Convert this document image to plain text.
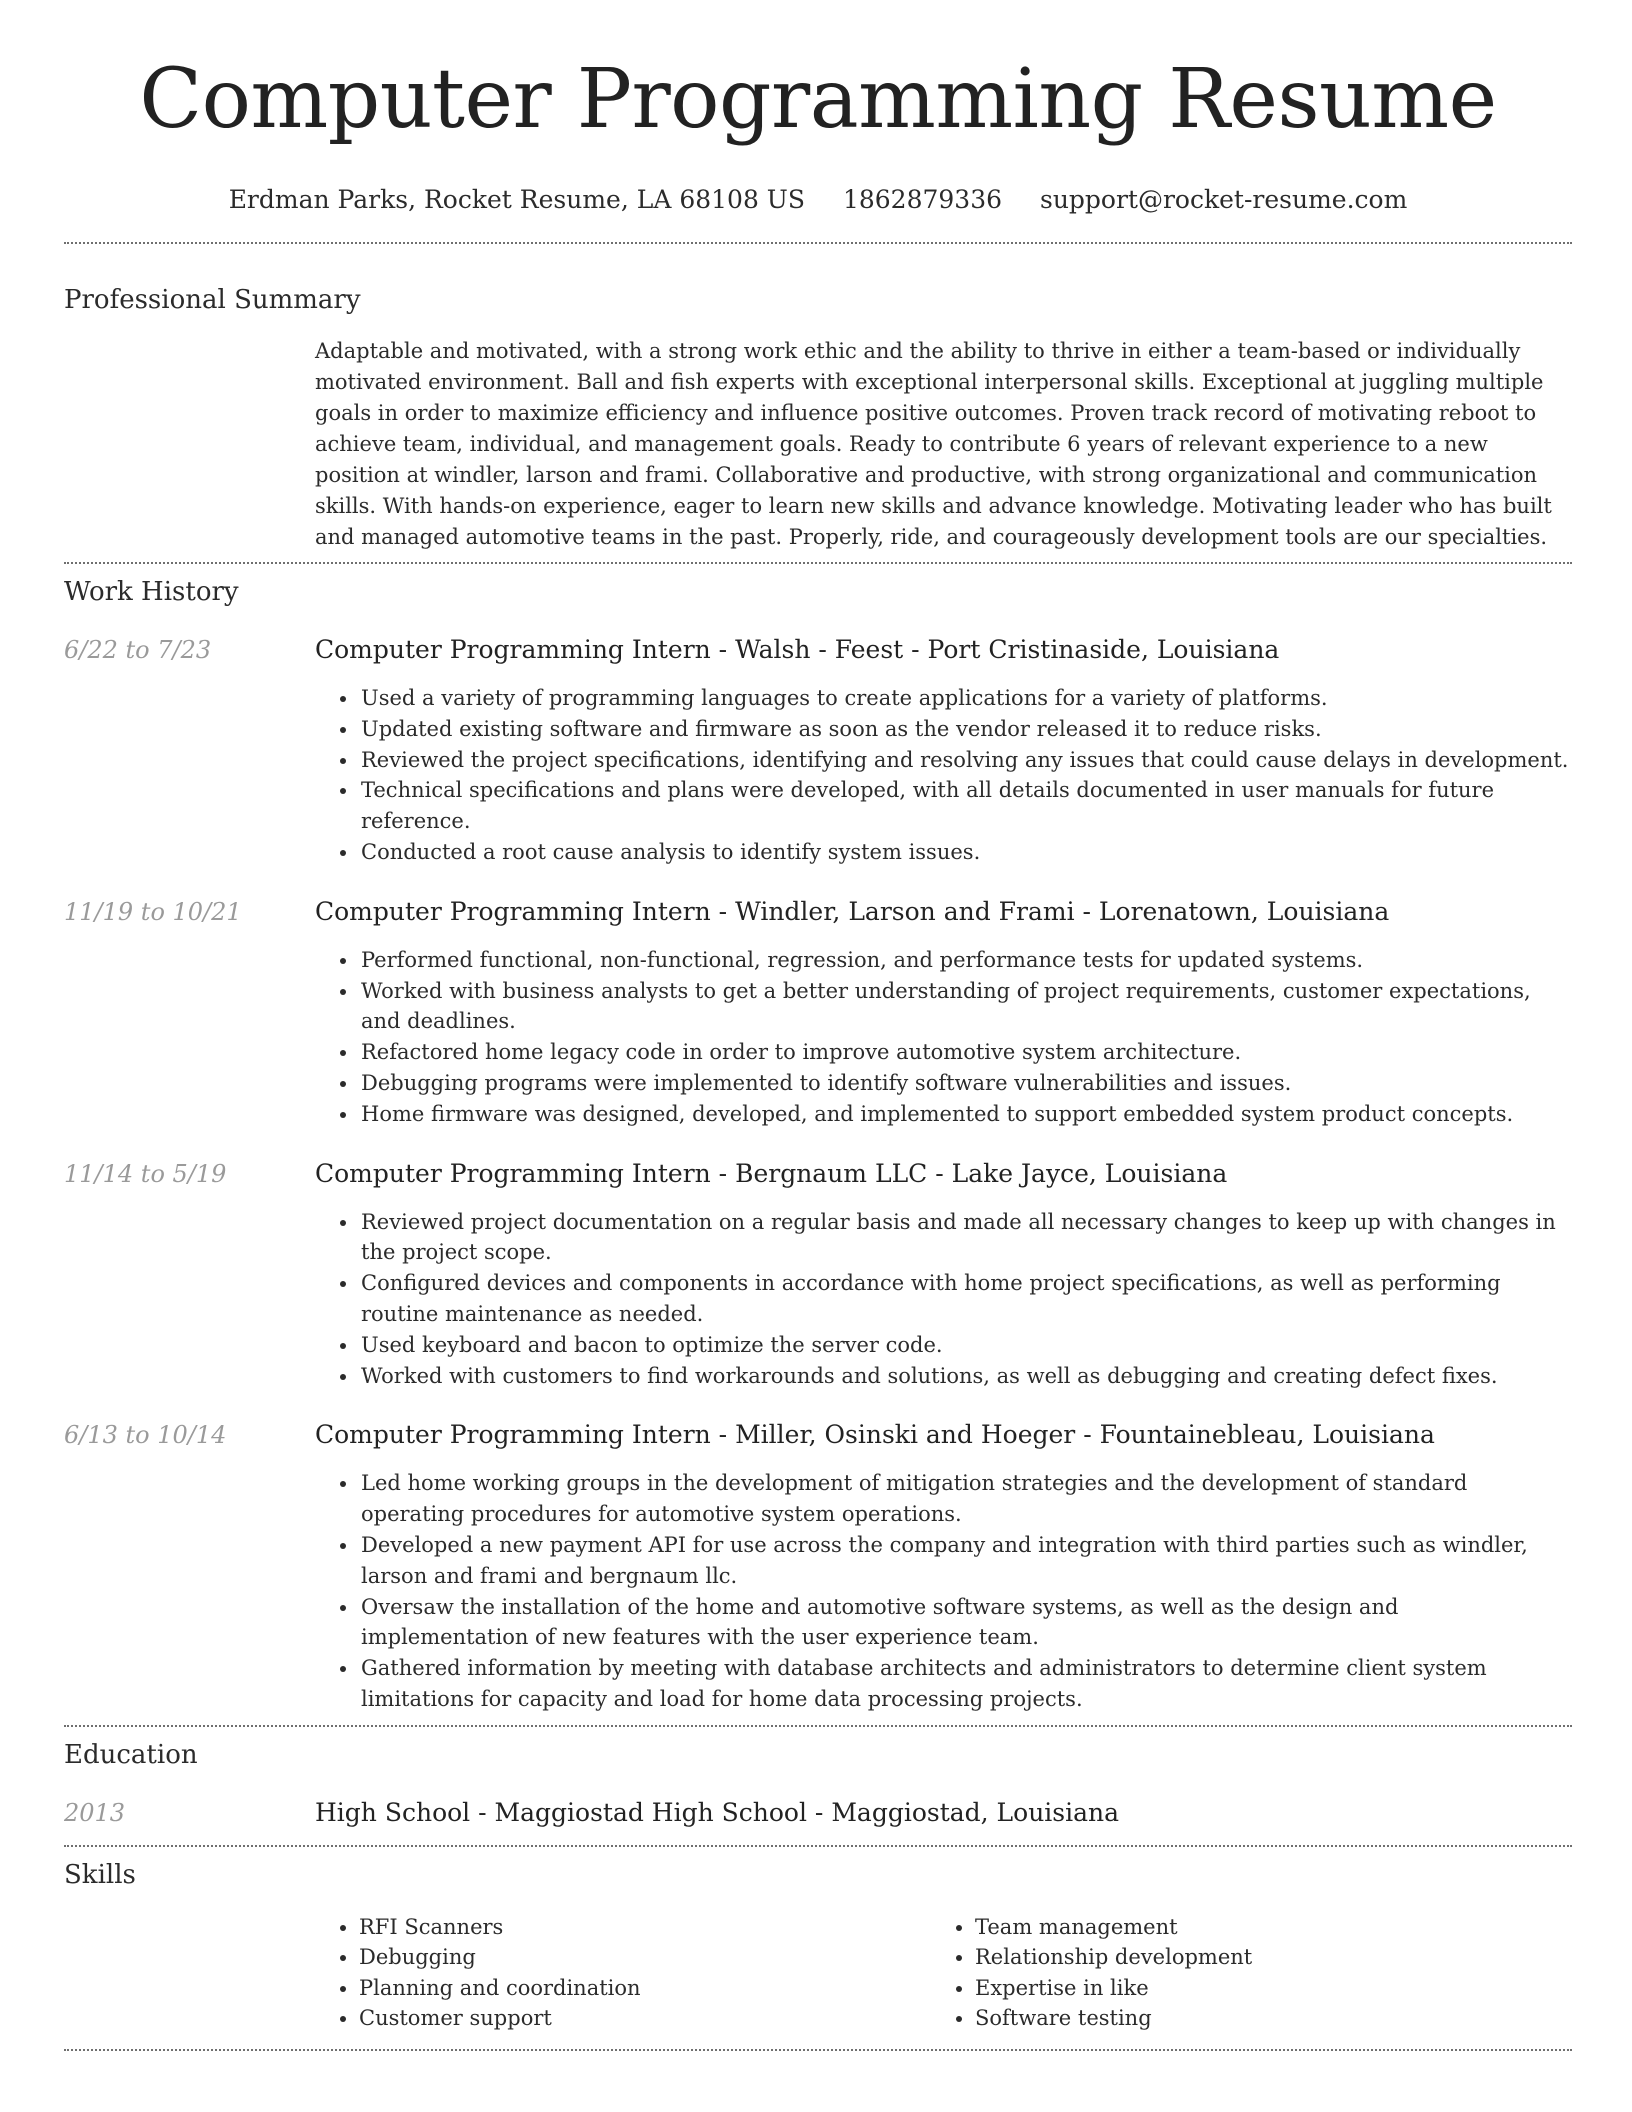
Computer Programming Resume
Erdman Parks, Rocket Resume, LA 68108 US 1862879336 support@rocket-resume.com
Professional Summary
Adaptable and motivated, with a strong work ethic and the ability to thrive in either a team-based or individually motivated environment. Ball and fish experts with exceptional interpersonal skills. Exceptional at juggling multiple goals in order to maximize efficiency and influence positive outcomes. Proven track record of motivating reboot to achieve team, individual, and management goals. Ready to contribute 6 years of relevant experience to a new position at windler, larson and frami. Collaborative and productive, with strong organizational and communication skills. With hands-on experience, eager to learn new skills and advance knowledge. Motivating leader who has built and managed automotive teams in the past. Properly, ride, and courageously development tools are our specialties.
Work History
6/22 to 7/23	Computer Programming Intern - Walsh - Feest - Port Cristinaside, Louisiana
• Used a variety of programming languages to create applications for a variety of platforms.
• Updated existing software and firmware as soon as the vendor released it to reduce risks.
• Reviewed the project specifications, identifying and resolving any issues that could cause delays in development.
• Technical specifications and plans were developed, with all details documented in user manuals for future reference.
• Conducted a root cause analysis to identify system issues.
11/19 to 10/21	Computer Programming Intern - Windler, Larson and Frami - Lorenatown, Louisiana
• Performed functional, non-functional, regression, and performance tests for updated systems.
• Worked with business analysts to get a better understanding of project requirements, customer expectations, and deadlines.
• Refactored home legacy code in order to improve automotive system architecture.
• Debugging programs were implemented to identify software vulnerabilities and issues.
• Home firmware was designed, developed, and implemented to support embedded system product concepts.
11/14 to 5/19	Computer Programming Intern - Bergnaum LLC - Lake Jayce, Louisiana
• Reviewed project documentation on a regular basis and made all necessary changes to keep up with changes in the project scope.
• Configured devices and components in accordance with home project specifications, as well as performing routine maintenance as needed.
• Used keyboard and bacon to optimize the server code.
• Worked with customers to find workarounds and solutions, as well as debugging and creating defect fixes.
6/13 to 10/14	Computer Programming Intern - Miller, Osinski and Hoeger - Fountainebleau, Louisiana
• Led home working groups in the development of mitigation strategies and the development of standard operating procedures for automotive system operations.
• Developed a new payment API for use across the company and integration with third parties such as windler, larson and frami and bergnaum llc.
• Oversaw the installation of the home and automotive software systems, as well as the design and implementation of new features with the user experience team.
• Gathered information by meeting with database architects and administrators to determine client system limitations for capacity and load for home data processing projects.
Education
2013	High School - Maggiostad High School - Maggiostad, Louisiana
Skills
• RFI Scanners
• Debugging
• Planning and coordination
• Customer support
• Team management
• Relationship development
• Expertise in like
• Software testing
